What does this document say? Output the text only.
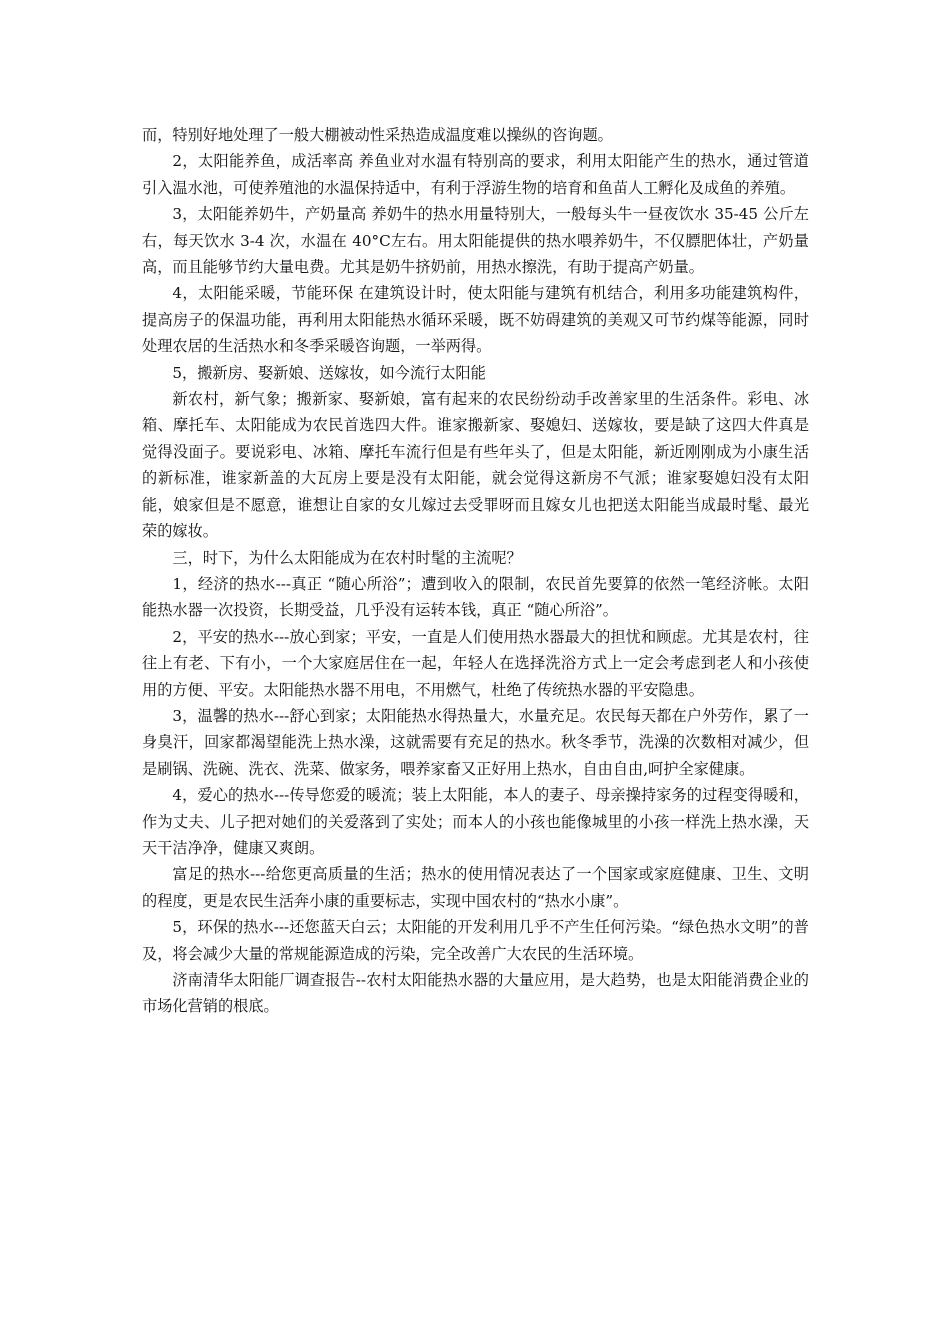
而，特别好地处理了一般大棚被动性采热造成温度难以操纵的咨询题。

2，太阳能养鱼，成活率高 养鱼业对水温有特别高的要求，利用太阳能产生的热水，通过管道引入温水池，可使养殖池的水温保持适中，有利于浮游生物的培育和鱼苗人工孵化及成鱼的养殖。

3，太阳能养奶牛，产奶量高 养奶牛的热水用量特别大，一般每头牛一昼夜饮水 35-45 公斤左右，每天饮水 3-4 次，水温在 40°C左右。用太阳能提供的热水喂养奶牛，不仅膘肥体壮，产奶量高，而且能够节约大量电费。尤其是奶牛挤奶前，用热水擦洗，有助于提高产奶量。

4，太阳能采暖，节能环保 在建筑设计时，使太阳能与建筑有机结合，利用多功能建筑构件，提高房子的保温功能，再利用太阳能热水循环采暖，既不妨碍建筑的美观又可节约煤等能源，同时处理农居的生活热水和冬季采暖咨询题，一举两得。

5，搬新房、娶新娘、送嫁妆，如今流行太阳能

新农村，新气象；搬新家、娶新娘，富有起来的农民纷纷动手改善家里的生活条件。彩电、冰箱、摩托车、太阳能成为农民首选四大件。谁家搬新家、娶媳妇、送嫁妆，要是缺了这四大件真是觉得没面子。要说彩电、冰箱、摩托车流行但是有些年头了，但是太阳能，新近刚刚成为小康生活的新标准，谁家新盖的大瓦房上要是没有太阳能，就会觉得这新房不气派；谁家娶媳妇没有太阳能，娘家但是不愿意，谁想让自家的女儿嫁过去受罪呀而且嫁女儿也把送太阳能当成最时髦、最光荣的嫁妆。

三，时下，为什么太阳能成为在农村时髦的主流呢？

1，经济的热水---真正 “随心所浴”；遭到收入的限制，农民首先要算的依然一笔经济帐。太阳能热水器一次投资，长期受益，几乎没有运转本钱，真正 “随心所浴”。

2，平安的热水---放心到家；平安，一直是人们使用热水器最大的担忧和顾虑。尤其是农村，往往上有老、下有小，一个大家庭居住在一起，年轻人在选择洗浴方式上一定会考虑到老人和小孩使用的方便、平安。太阳能热水器不用电，不用燃气，杜绝了传统热水器的平安隐患。

3，温馨的热水---舒心到家；太阳能热水得热量大，水量充足。农民每天都在户外劳作，累了一身臭汗，回家都渴望能洗上热水澡，这就需要有充足的热水。秋冬季节，洗澡的次数相对减少，但是刷锅、洗碗、洗衣、洗菜、做家务，喂养家畜又正好用上热水，自由自由,呵护全家健康。

4，爱心的热水---传导您爱的暖流；装上太阳能，本人的妻子、母亲操持家务的过程变得暖和，作为丈夫、儿子把对她们的关爱落到了实处；而本人的小孩也能像城里的小孩一样洗上热水澡，天天干洁净净，健康又爽朗。

富足的热水---给您更高质量的生活；热水的使用情况表达了一个国家或家庭健康、卫生、文明的程度，更是农民生活奔小康的重要标志，实现中国农村的“热水小康”。

5，环保的热水---还您蓝天白云；太阳能的开发利用几乎不产生任何污染。“绿色热水文明”的普及，将会减少大量的常规能源造成的污染，完全改善广大农民的生活环境。

济南清华太阳能厂调查报告--农村太阳能热水器的大量应用，是大趋势，也是太阳能消费企业的市场化营销的根底。
